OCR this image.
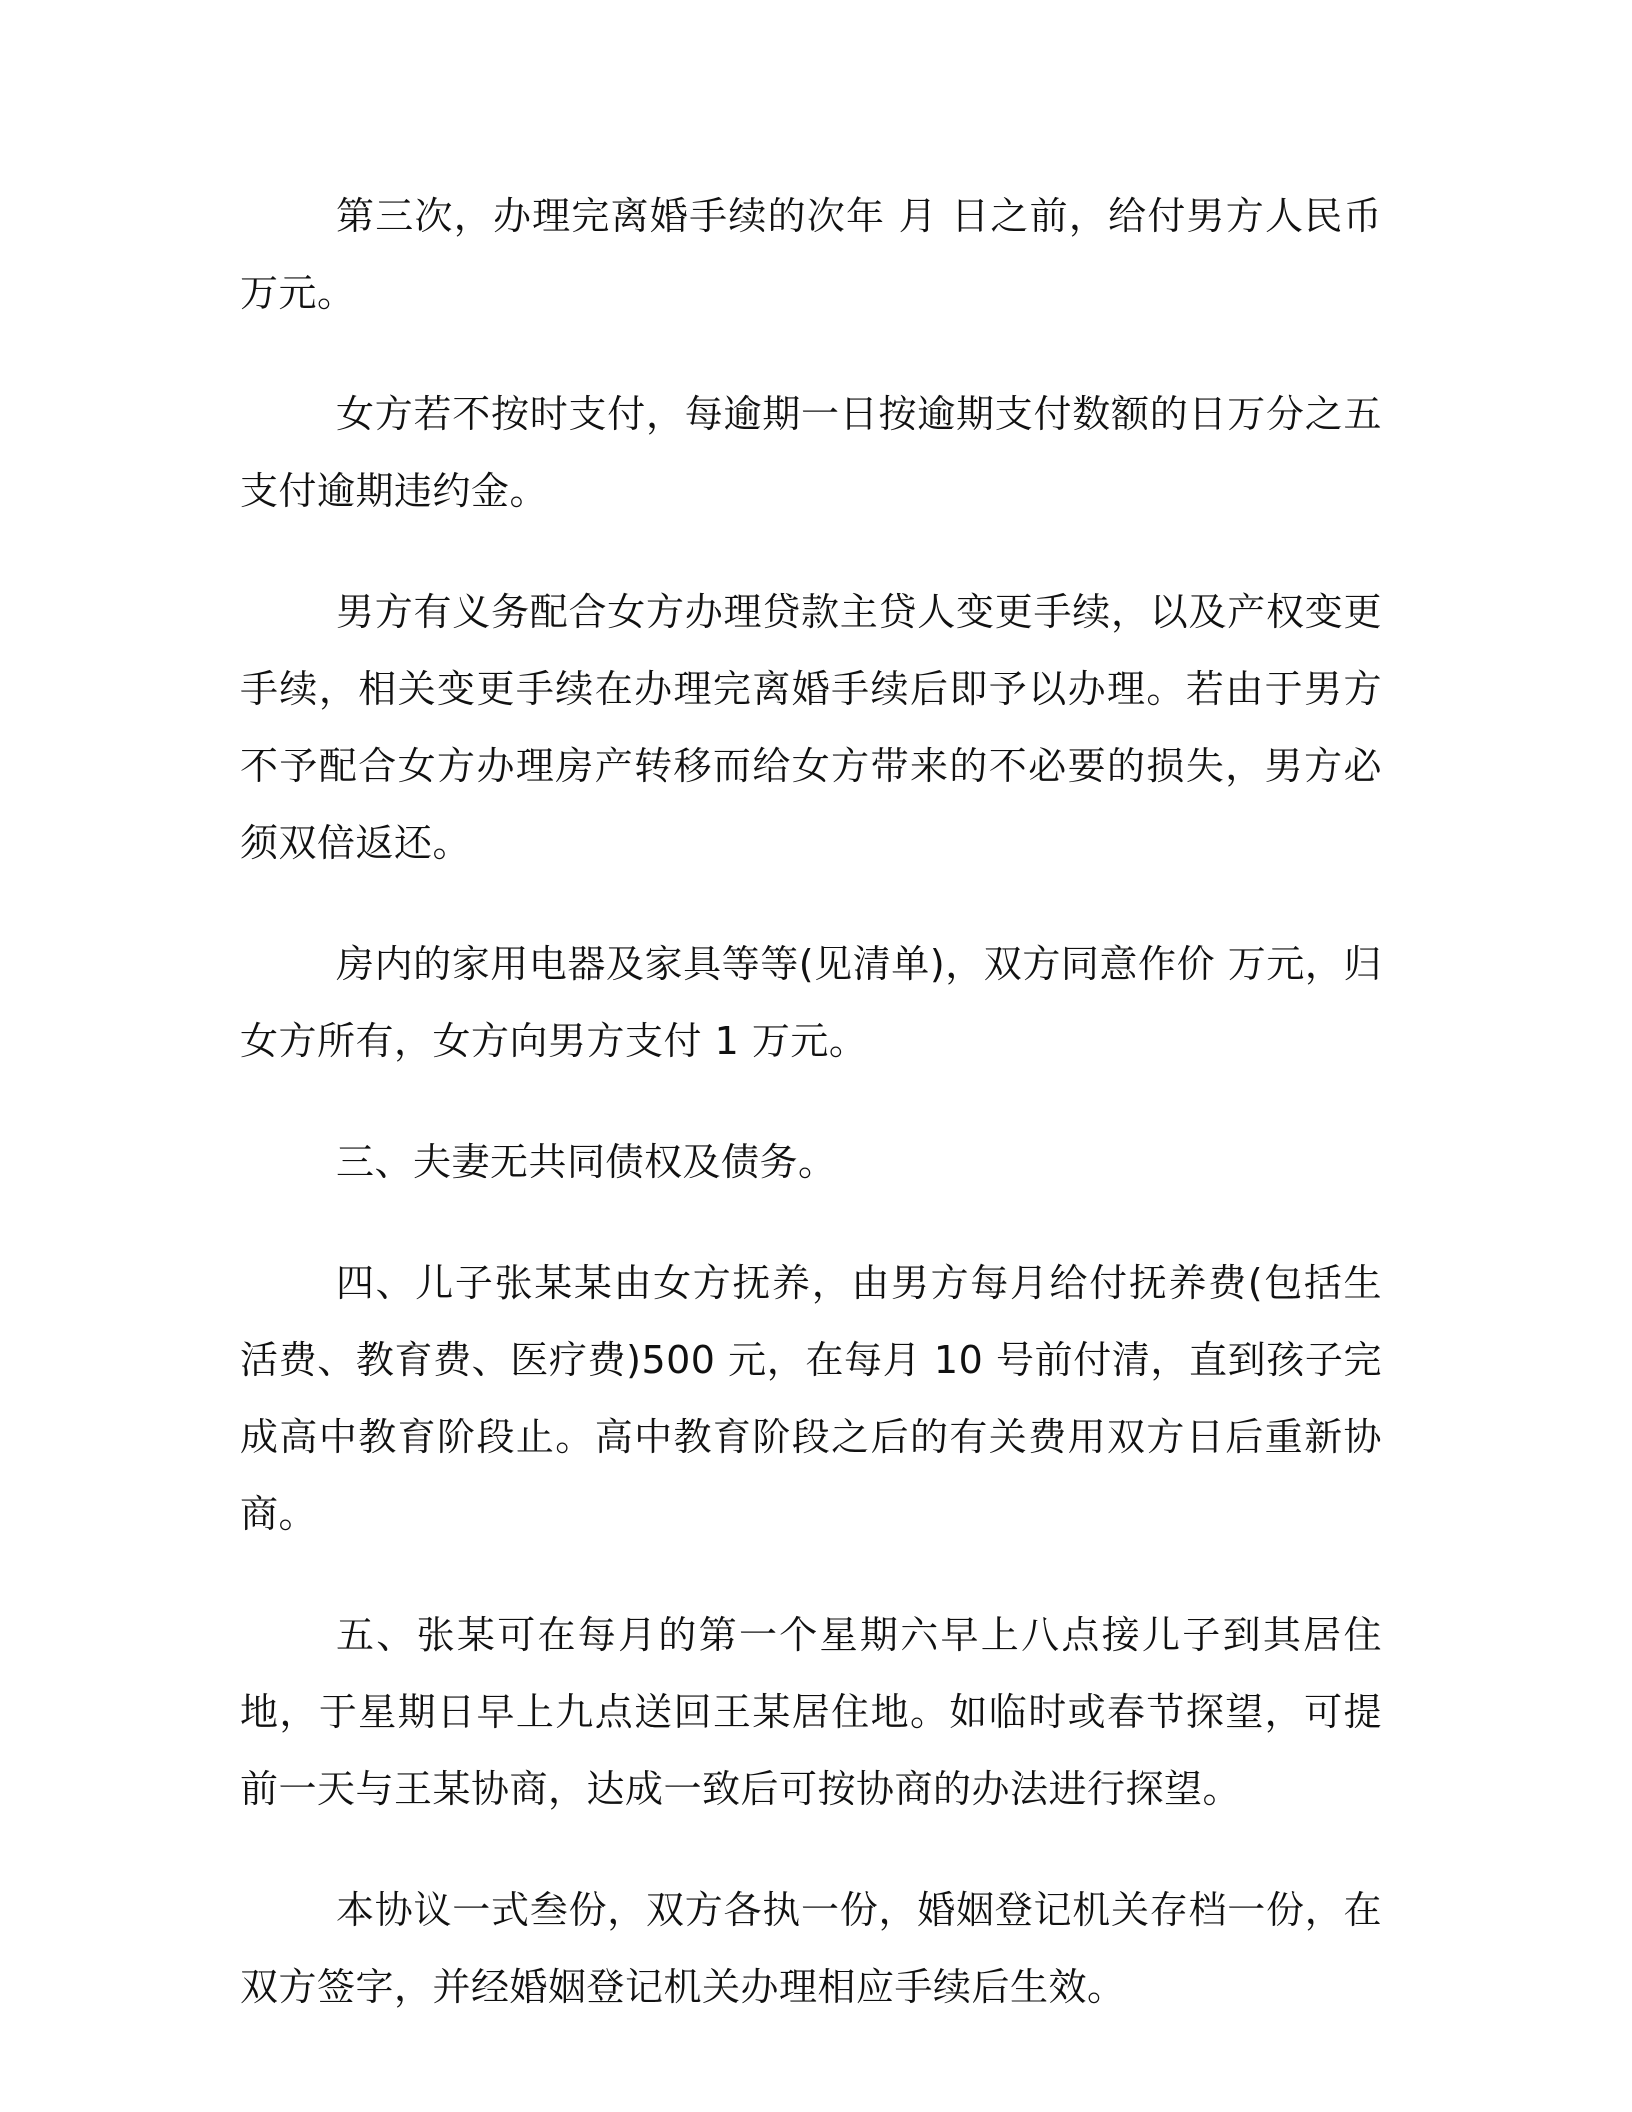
第三次，办理完离婚手续的次年 月 日之前，给付男方人民币 万元。

女方若不按时支付，每逾期一日按逾期支付数额的日万分之五支付逾期违约金。

男方有义务配合女方办理贷款主贷人变更手续，以及产权变更手续，相关变更手续在办理完离婚手续后即予以办理。若由于男方不予配合女方办理房产转移而给女方带来的不必要的损失，男方必须双倍返还。

房内的家用电器及家具等等(见清单)，双方同意作价 万元，归女方所有，女方向男方支付 1 万元。

三、夫妻无共同债权及债务。

四、儿子张某某由女方抚养，由男方每月给付抚养费(包括生活费、教育费、医疗费)500 元，在每月 10 号前付清，直到孩子完成高中教育阶段止。高中教育阶段之后的有关费用双方日后重新协商。

五、张某可在每月的第一个星期六早上八点接儿子到其居住地，于星期日早上九点送回王某居住地。如临时或春节探望，可提前一天与王某协商，达成一致后可按协商的办法进行探望。

本协议一式叁份，双方各执一份，婚姻登记机关存档一份，在双方签字，并经婚姻登记机关办理相应手续后生效。
